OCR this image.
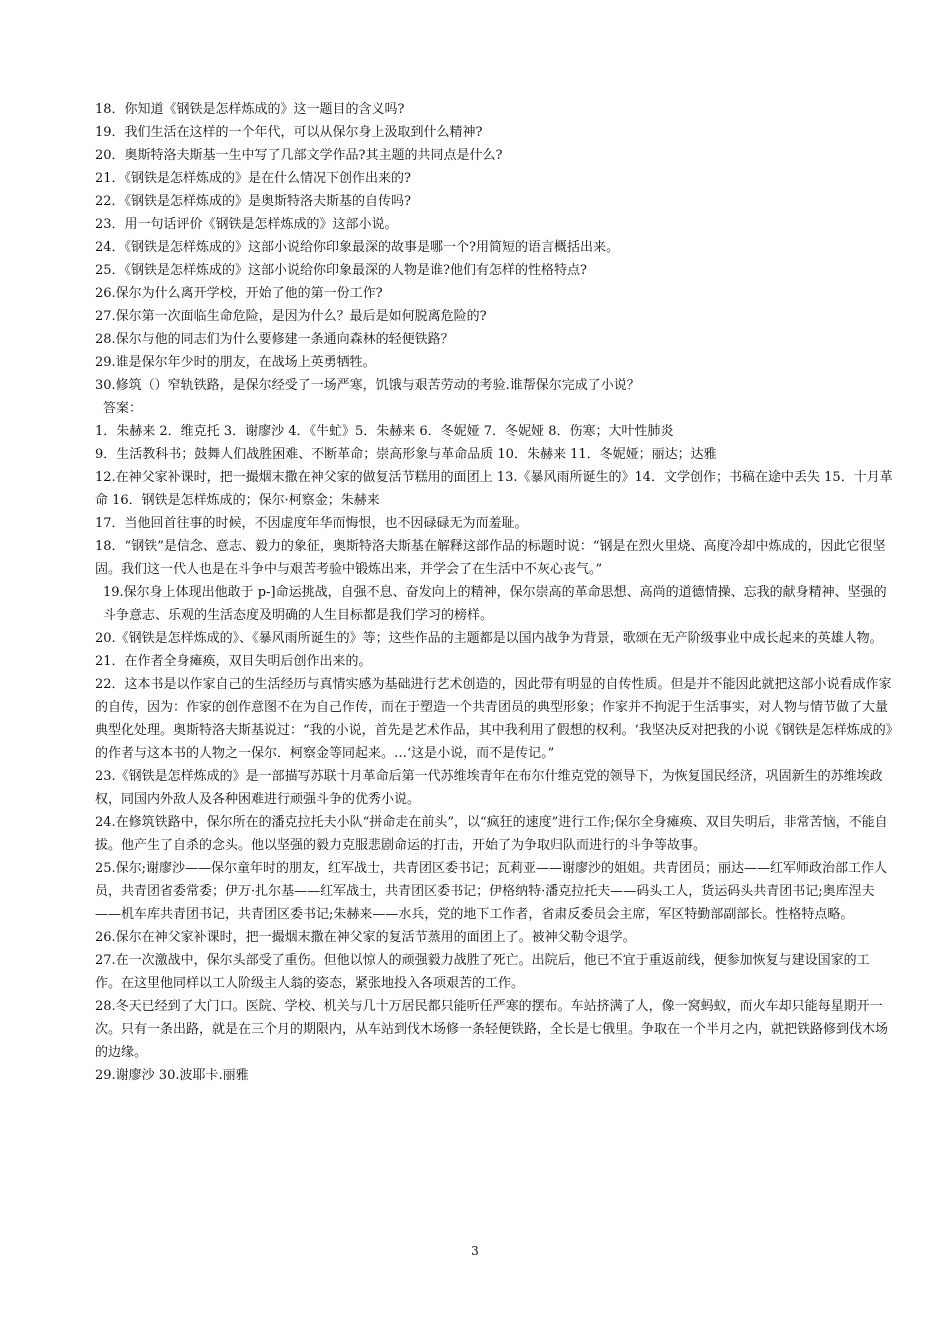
18．你知道《钢铁是怎样炼成的》这一题目的含义吗?

19．我们生活在这样的一个年代，可以从保尔身上汲取到什么精神?

20．奥斯特洛夫斯基一生中写了几部文学作品?其主题的共同点是什么?

21．《钢铁是怎样炼成的》是在什么情况下创作出来的?

22．《钢铁是怎样炼成的》是奥斯特洛夫斯基的自传吗?

23．用一句话评价《钢铁是怎样炼成的》这部小说。

24．《钢铁是怎样炼成的》这部小说给你印象最深的故事是哪一个?用简短的语言概括出来。

25．《钢铁是怎样炼成的》这部小说给你印象最深的人物是谁?他们有怎样的性格特点?

26.保尔为什么离开学校，开始了他的第一份工作?

27.保尔第一次面临生命危险，是因为什么？最后是如何脱离危险的?

28.保尔与他的同志们为什么要修建一条通向森林的轻便铁路？

29.谁是保尔年少时的朋友，在战场上英勇牺牲。

30.修筑（）窄轨铁路，是保尔经受了一场严寒，饥饿与艰苦劳动的考验.谁帮保尔完成了小说？

答案：

1．朱赫来 2．维克托 3．谢廖沙 4．《牛虻》5．朱赫来 6．冬妮娅 7．冬妮娅 8．伤寒；大叶性肺炎

9．生活教科书；鼓舞人们战胜困难、不断革命；崇高形象与革命品质 10．朱赫来 11．冬妮娅；丽达；达雅

12.在神父家补课时，把一撮烟末撒在神父家的做复活节糕用的面团上 13.《暴风雨所诞生的》14．文学创作；书稿在途中丢失 15．十月革命 16．钢铁是怎样炼成的；保尔·柯察金；朱赫来

17．当他回首往事的时候，不因虚度年华而悔恨，也不因碌碌无为而羞耻。

18．“钢铁”是信念、意志、毅力的象征，奥斯特洛夫斯基在解释这部作品的标题时说：“钢是在烈火里烧、高度冷却中炼成的，因此它很坚固。我们这一代人也是在斗争中与艰苦考验中锻炼出来，并学会了在生活中不灰心丧气。”

19.保尔身上体现出他敢于 p-]命运挑战，自强不息、奋发向上的精神，保尔崇高的革命思想、高尚的道德情操、忘我的献身精神、坚强的斗争意志、乐观的生活态度及明确的人生目标都是我们学习的榜样。

20.《钢铁是怎样炼成的》、《暴风雨所诞生的》等；这些作品的主题都是以国内战争为背景，歌颂在无产阶级事业中成长起来的英雄人物。

21．在作者全身瘫痪，双目失明后创作出来的。

22．这本书是以作家自己的生活经历与真情实感为基础进行艺术创造的，因此带有明显的自传性质。但是并不能因此就把这部小说看成作家的自传，因为：作家的创作意图不在为自己作传，而在于塑造一个共青团员的典型形象；作家并不拘泥于生活事实，对人物与情节做了大量典型化处理。奥斯特洛夫斯基说过：“我的小说，首先是艺术作品，其中我利用了假想的权利。‘我坚决反对把我的小说《钢铁是怎样炼成的》的作者与这本书的人物之一保尔．柯察金等同起来。…‘这是小说，而不是传记。”

23.《钢铁是怎样炼成的》是一部描写苏联十月革命后第一代苏维埃青年在布尔什维克党的领导下，为恢复国民经济，巩固新生的苏维埃政权，同国内外敌人及各种困难进行顽强斗争的优秀小说。

24.在修筑铁路中，保尔所在的潘克拉托夫小队“拼命走在前头”，以“疯狂的速度”进行工作;保尔全身瘫痪、双目失明后，非常苦恼，不能自拔。他产生了自杀的念头。他以坚强的毅力克服悲剧命运的打击，开始了为争取归队而进行的斗争等故事。

25.保尔;谢廖沙——保尔童年时的朋友，红军战士，共青团区委书记；瓦莉亚——谢廖沙的姐姐。共青团员；丽达——红军师政治部工作人员，共青团省委常委；伊万·扎尔基——红军战士，共青团区委书记；伊格纳特·潘克拉托夫——码头工人，货运码头共青团书记;奥库涅夫——机车库共青团书记，共青团区委书记;朱赫来——水兵，党的地下工作者，省肃反委员会主席，军区特勤部副部长。性格特点略。

26.保尔在神父家补课时，把一撮烟末撒在神父家的复活节蒸用的面团上了。被神父勒令退学。

27.在一次激战中，保尔头部受了重伤。但他以惊人的顽强毅力战胜了死亡。出院后，他已不宜于重返前线，便参加恢复与建设国家的工作。在这里他同样以工人阶级主人翁的姿态，紧张地投入各项艰苦的工作。

28.冬天已经到了大门口。医院、学校、机关与几十万居民都只能听任严寒的摆布。车站挤满了人，像一窝蚂蚁，而火车却只能每星期开一次。只有一条出路，就是在三个月的期限内，从车站到伐木场修一条轻便铁路，全长是七俄里。争取在一个半月之内，就把铁路修到伐木场的边缘。

29.谢廖沙 30.波耶卡.丽雅

3
